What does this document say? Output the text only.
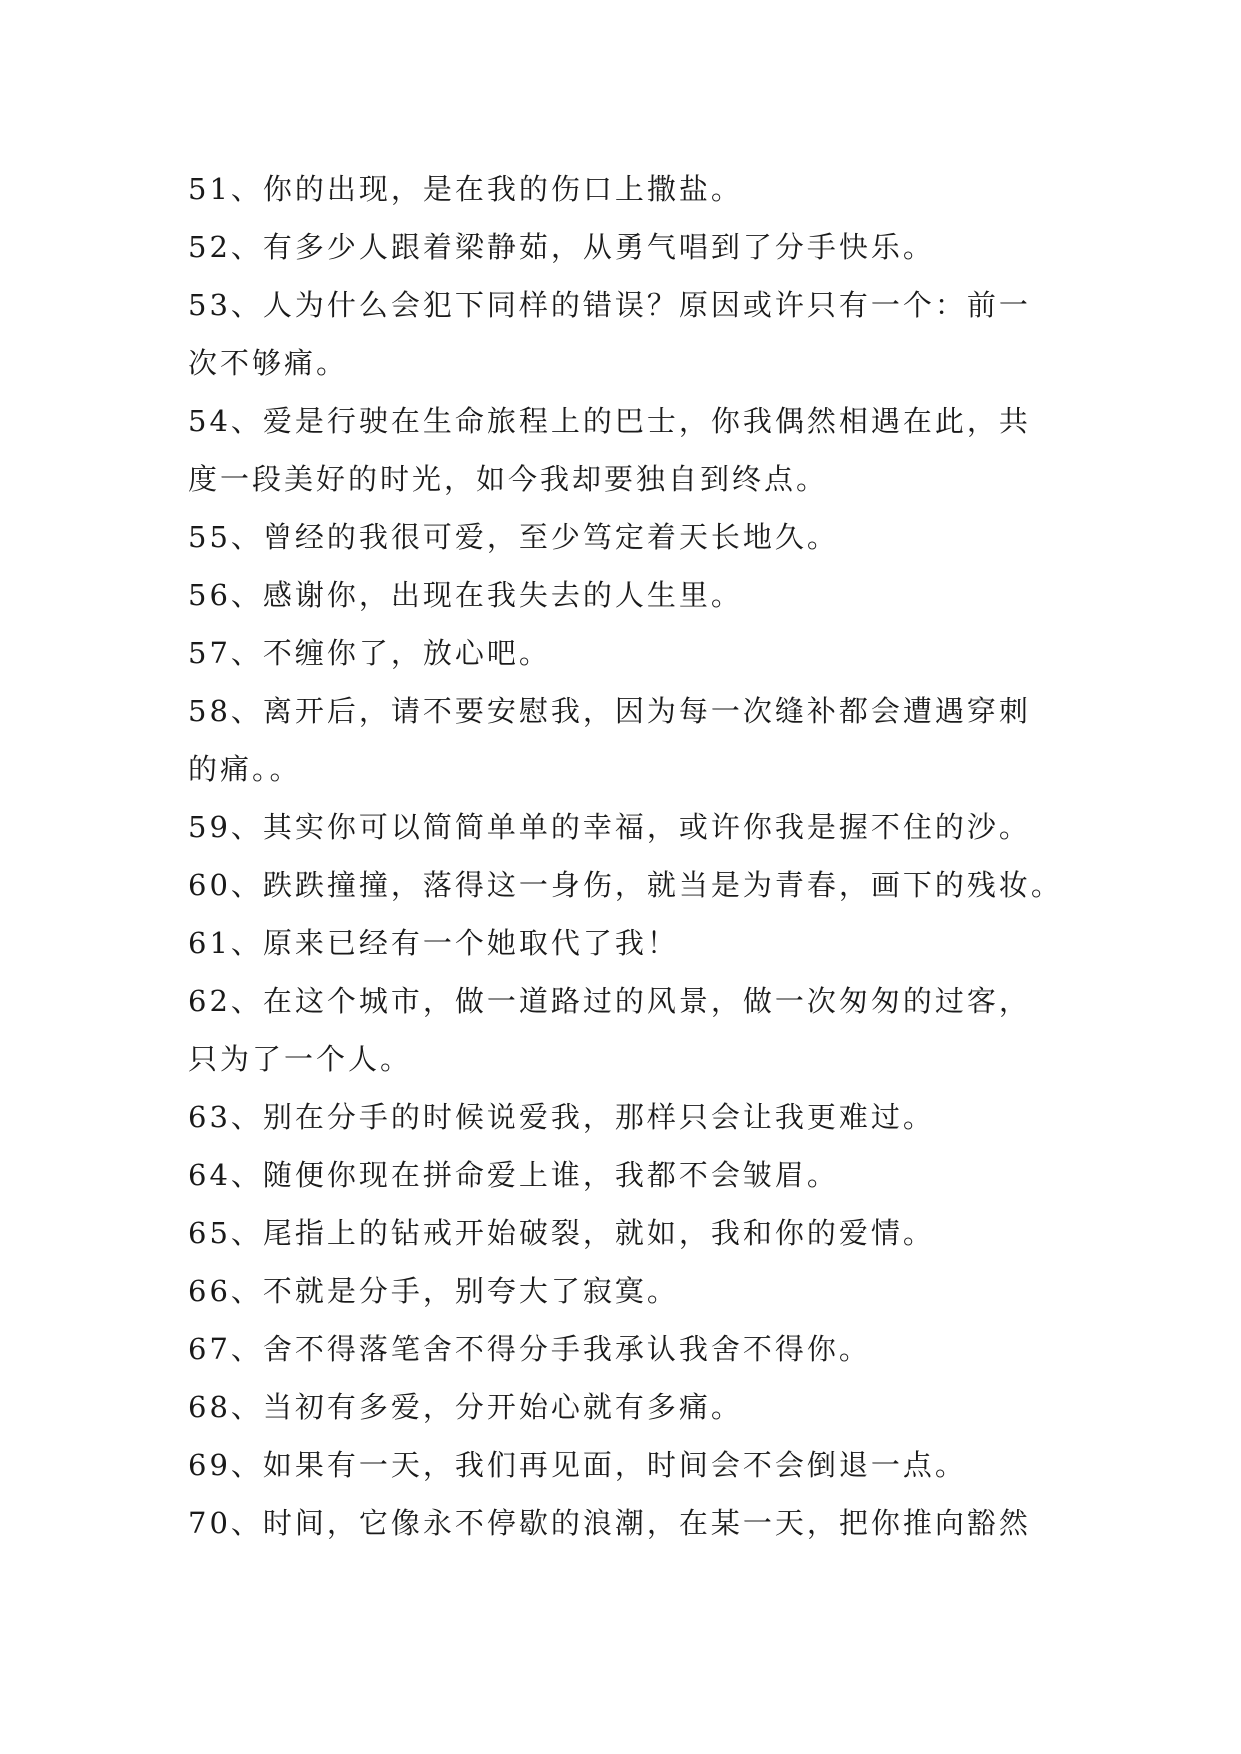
51、你的出现，是在我的伤口上撒盐。
52、有多少人跟着梁静茹，从勇气唱到了分手快乐。
53、人为什么会犯下同样的错误？原因或许只有一个：前一
次不够痛。
54、爱是行驶在生命旅程上的巴士，你我偶然相遇在此，共
度一段美好的时光，如今我却要独自到终点。
55、曾经的我很可爱，至少笃定着天长地久。
56、感谢你，出现在我失去的人生里。
57、不缠你了，放心吧。
58、离开后，请不要安慰我，因为每一次缝补都会遭遇穿刺
的痛。。
59、其实你可以简简单单的幸福，或许你我是握不住的沙。
60、跌跌撞撞，落得这一身伤，就当是为青春，画下的残妆。
61、原来已经有一个她取代了我！
62、在这个城市，做一道路过的风景，做一次匆匆的过客，
只为了一个人。
63、别在分手的时候说爱我，那样只会让我更难过。
64、随便你现在拼命爱上谁，我都不会皱眉。
65、尾指上的钻戒开始破裂，就如，我和你的爱情。
66、不就是分手，别夸大了寂寞。
67、舍不得落笔舍不得分手我承认我舍不得你。
68、当初有多爱，分开始心就有多痛。
69、如果有一天，我们再见面，时间会不会倒退一点。
70、时间，它像永不停歇的浪潮，在某一天，把你推向豁然
